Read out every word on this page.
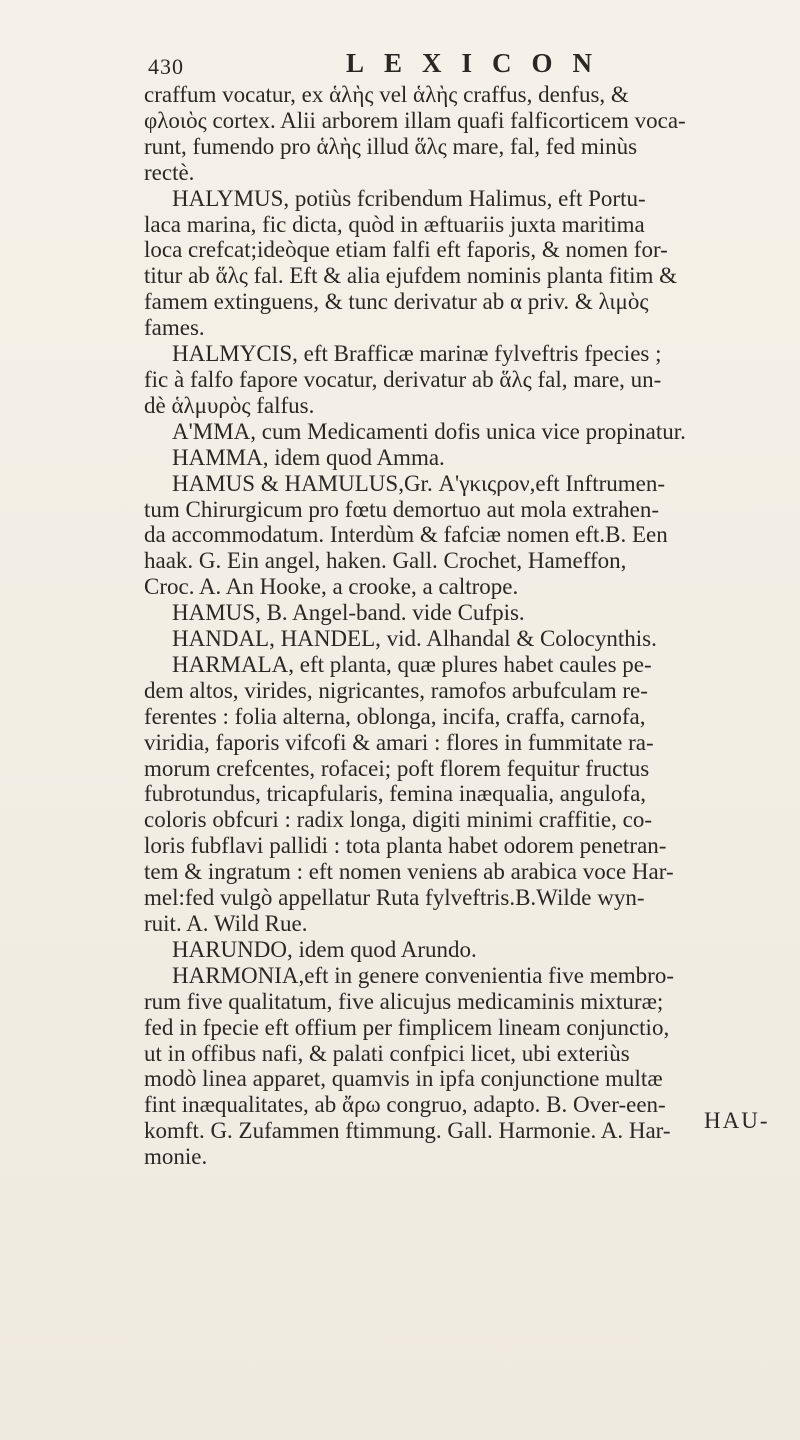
430	LEXICON
craffum vocatur, ex ἁλὴς vel ἁλὴς craffus, denfus, &
φλοιὸς cortex. Alii arborem illam quafi falficorticem voca-
runt, fumendo pro ἁλὴς illud ἅλς mare, fal, fed minùs
rectè.
HALYMUS, potiùs fcribendum Halimus, eft Portu-
laca marina, fic dicta, quòd in æftuariis juxta maritima
loca crefcat;ideòque etiam falfi eft faporis, & nomen for-
titur ab ἅλς fal. Eft & alia ejufdem nominis planta fitim &
famem extinguens, & tunc derivatur ab α priv. & λιμὸς
fames.
HALMYCIS, eft Brafficæ marinæ fylveftris fpecies ;
fic à falfo fapore vocatur, derivatur ab ἅλς fal, mare, un-
dè ἁλμυρὸς falfus.
A'MMA, cum Medicamenti dofis unica vice propinatur.
HAMMA, idem quod Amma.
HAMUS & HAMULUS,Gr. Α'γκιςρον,eft Inftrumen-
tum Chirurgicum pro fœtu demortuo aut mola extrahen-
da accommodatum. Interdùm & fafciæ nomen eft.B. Een
haak. G. Ein angel, haken. Gall. Crochet, Hameffon,
Croc. A. An Hooke, a crooke, a caltrope.
HAMUS, B. Angel-band. vide Cufpis.
HANDAL, HANDEL, vid. Alhandal & Colocynthis.
HARMALA, eft planta, quæ plures habet caules pe-
dem altos, virides, nigricantes, ramofos arbufculam re-
ferentes : folia alterna, oblonga, incifa, craffa, carnofa,
viridia, faporis vifcofi & amari : flores in fummitate ra-
morum crefcentes, rofacei; poft florem fequitur fructus
fubrotundus, tricapfularis, femina inæqualia, angulofa,
coloris obfcuri : radix longa, digiti minimi craffitie, co-
loris fubflavi pallidi : tota planta habet odorem penetran-
tem & ingratum : eft nomen veniens ab arabica voce Har-
mel:fed vulgò appellatur Ruta fylveftris.B.Wilde wyn-
ruit. A. Wild Rue.
HARUNDO, idem quod Arundo.
HARMONIA,eft in genere convenientia five membro-
rum five qualitatum, five alicujus medicaminis mixturæ;
fed in fpecie eft offium per fimplicem lineam conjunctio,
ut in offibus nafi, & palati confpici licet, ubi exteriùs
modò linea apparet, quamvis in ipfa conjunctione multæ
fint inæqualitates, ab ἄρω congruo, adapto. B. Over-een-
komft. G. Zufammen ftimmung. Gall. Harmonie. A. Har-
monie.
HAU-
